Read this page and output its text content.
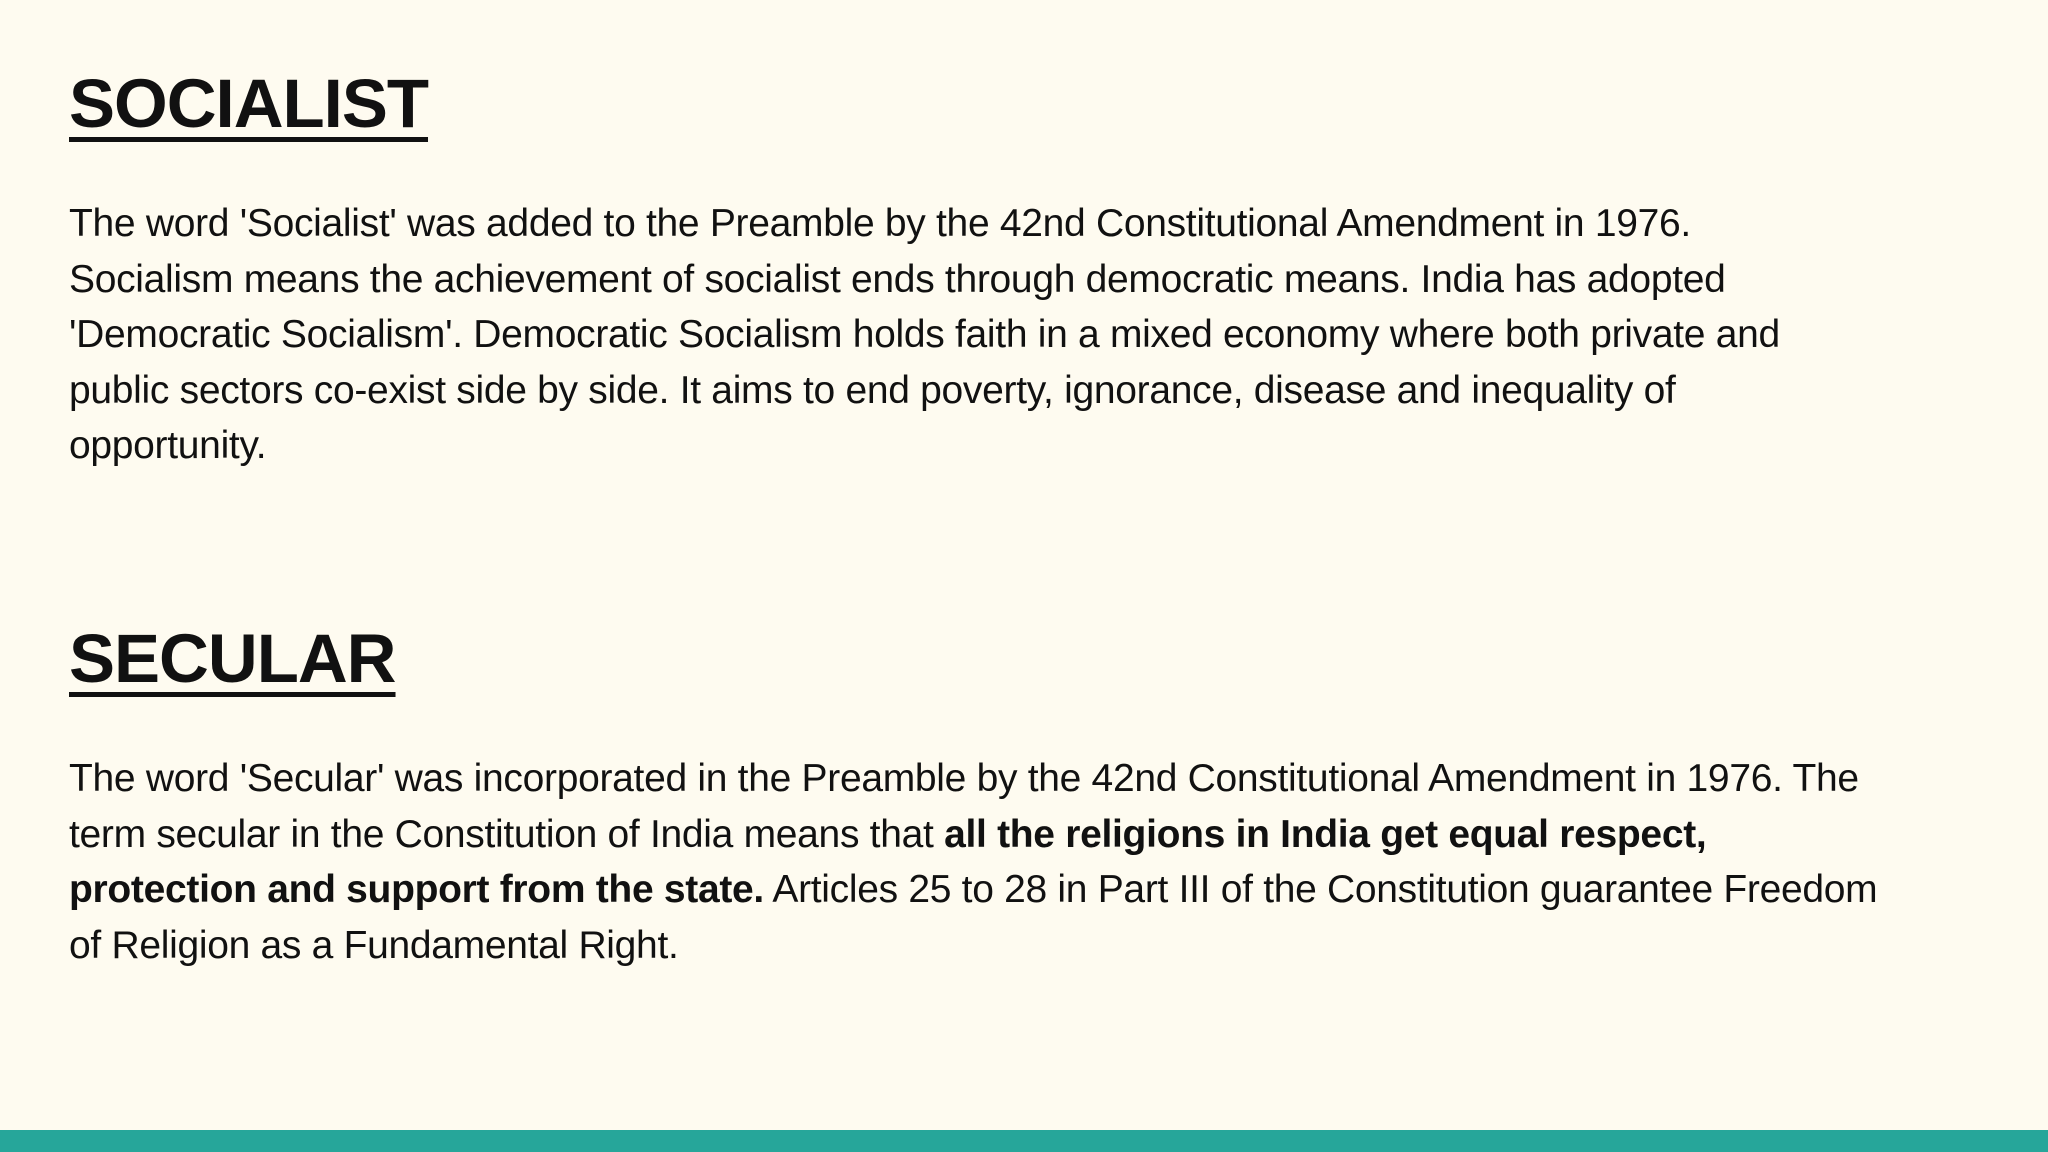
SOCIALIST

The word 'Socialist' was added to the Preamble by the 42nd Constitutional Amendment in 1976.
Socialism means the achievement of socialist ends through democratic means. India has adopted
'Democratic Socialism'. Democratic Socialism holds faith in a mixed economy where both private and
public sectors co-exist side by side. It aims to end poverty, ignorance, disease and inequality of
opportunity.

SECULAR

The word 'Secular' was incorporated in the Preamble by the 42nd Constitutional Amendment in 1976. The
term secular in the Constitution of India means that all the religions in India get equal respect,
protection and support from the state. Articles 25 to 28 in Part III of the Constitution guarantee Freedom
of Religion as a Fundamental Right.
